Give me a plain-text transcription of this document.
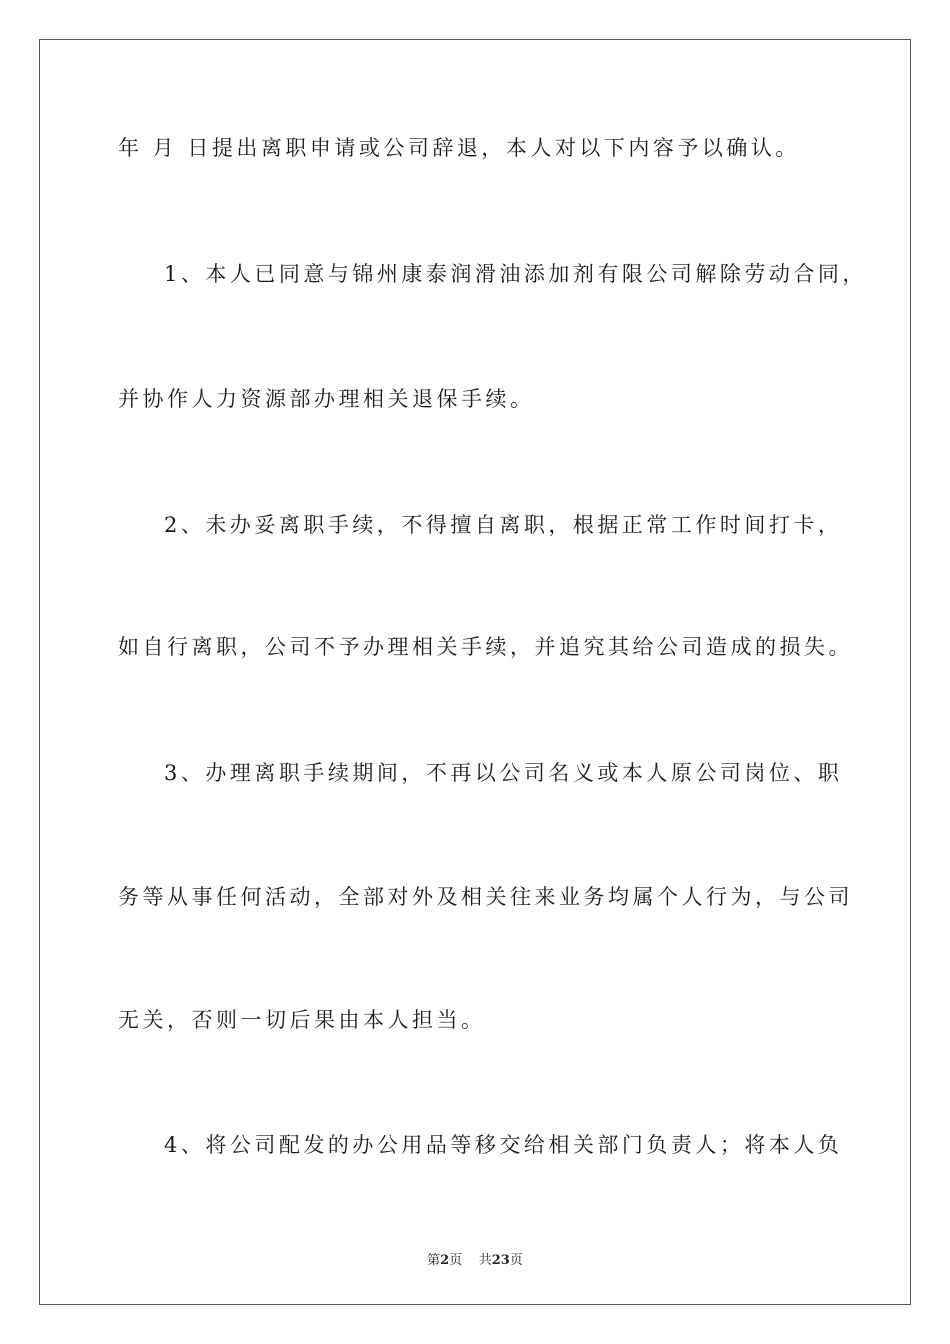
年 月 日提出离职申请或公司辞退，本人对以下内容予以确认。
1、本人已同意与锦州康泰润滑油添加剂有限公司解除劳动合同，
并协作人力资源部办理相关退保手续。
2、未办妥离职手续，不得擅自离职，根据正常工作时间打卡，
如自行离职，公司不予办理相关手续，并追究其给公司造成的损失。
3、办理离职手续期间，不再以公司名义或本人原公司岗位、职
务等从事任何活动，全部对外及相关往来业务均属个人行为，与公司
无关，否则一切后果由本人担当。
4、将公司配发的办公用品等移交给相关部门负责人；将本人负
第2页 共23页
